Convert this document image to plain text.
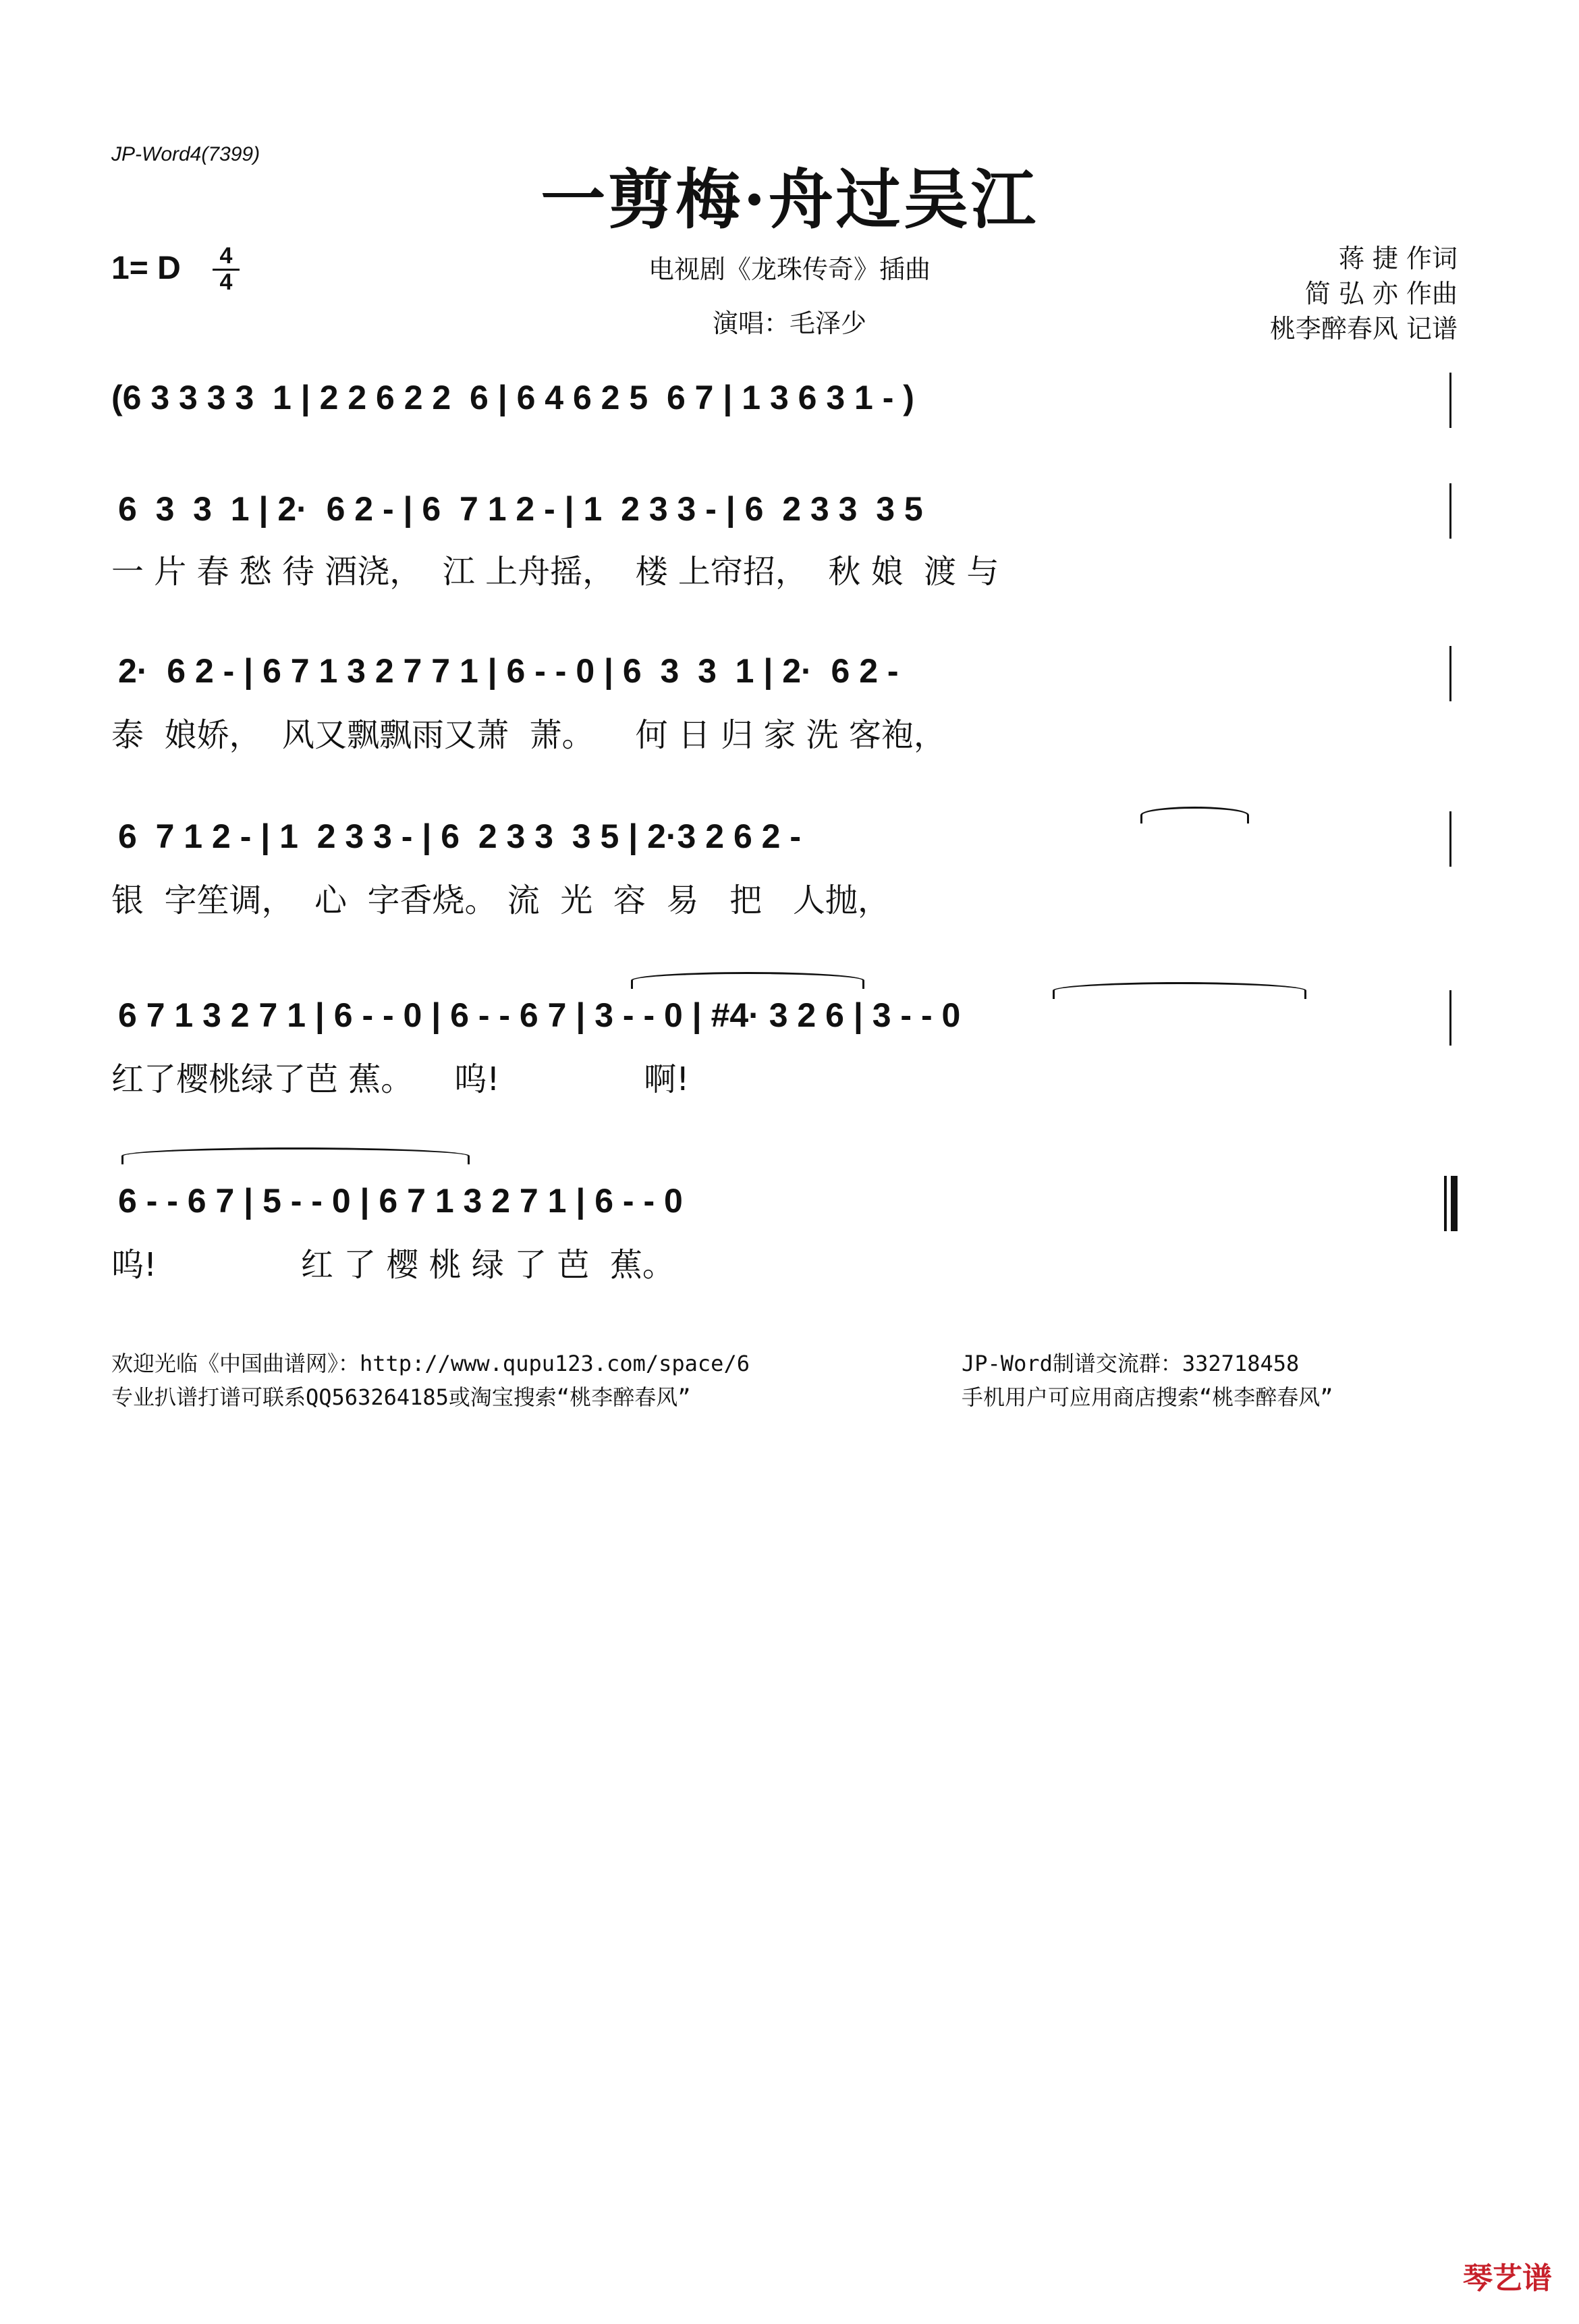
JP-Word4(7399)
一剪梅·舟过吴江
1= D	4
4	电视剧《龙珠传奇》插曲
演唱：毛泽少
蒋 捷 作词
简 弘 亦 作曲
桃李醉春风 记谱
(6 3 3 3 3  1 | 2 2 6 2 2  6 | 6 4 6 2 5  6 7 | 1 3 6 3 1 - )
6  3  3  1 | 2·  6 2 - | 6  7 1 2 - | 1  2 3 3 - | 6  2 3 3  3 5
一 片 春 愁 待 酒浇，  江 上舟摇，  楼 上帘招，  秋 娘  渡 与
2·  6 2 - | 6 7 1 3 2 7 7 1 | 6 - - 0 | 6  3  3  1 | 2·  6 2 -
泰  娘娇，  风又飘飘雨又萧  萧。    何 日 归 家 洗 客袍，
6  7 1 2 - | 1  2 3 3 - | 6  2 3 3  3 5 | 2·3 2 6 2 -
银  字笙调，  心  字香烧。 流  光  容  易   把   人抛，
6 7 1 3 2 7 1 | 6 - - 0 | 6 - - 6 7 | 3 - - 0 | #4· 3 2 6 | 3 - - 0
红了樱桃绿了芭 蕉。    呜!              啊!
6 - - 6 7 | 5 - - 0 | 6 7 1 3 2 7 1 | 6 - - 0
呜!              红 了 樱 桃 绿 了 芭  蕉。
欢迎光临《中国曲谱网》：http://www.qupu123.com/space/6
专业扒谱打谱可联系QQ563264185或淘宝搜索“桃李醉春风”
JP-Word制谱交流群：332718458
手机用户可应用商店搜索“桃李醉春风”
琴艺谱
